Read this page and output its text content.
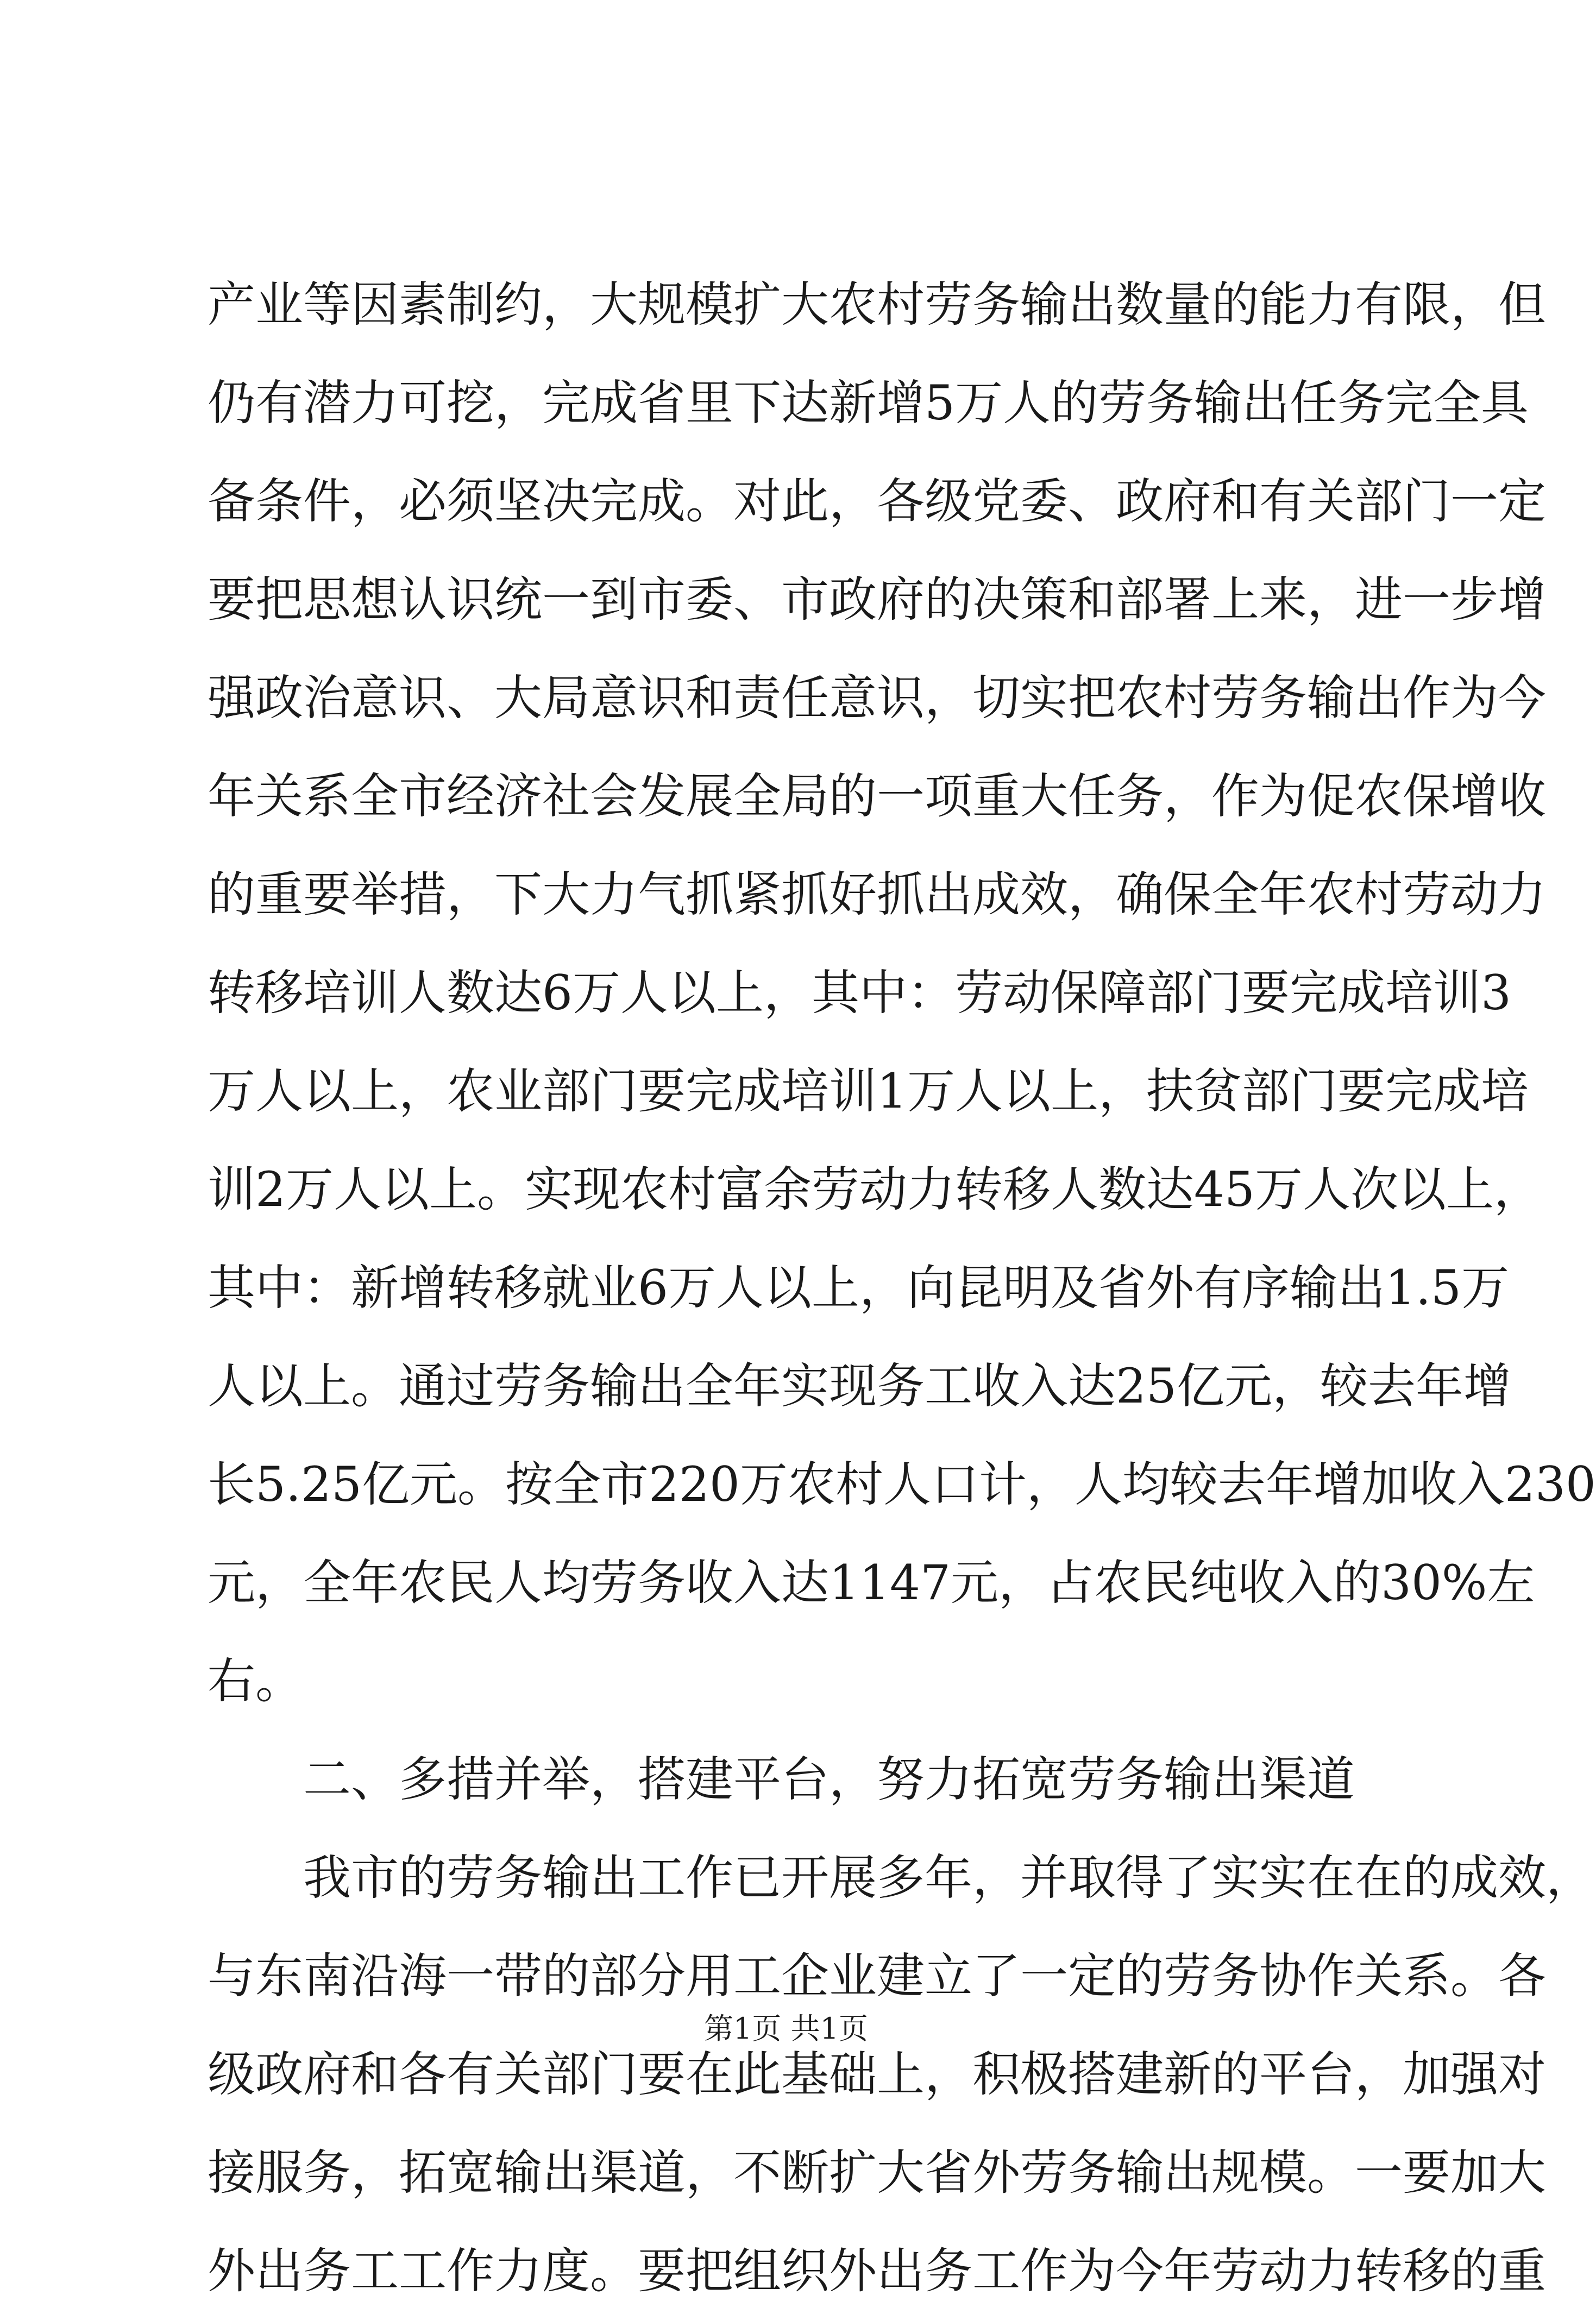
产业等因素制约，大规模扩大农村劳务输出数量的能力有限，但
仍有潜力可挖，完成省里下达新增5万人的劳务输出任务完全具
备条件，必须坚决完成。对此，各级党委、政府和有关部门一定
要把思想认识统一到市委、市政府的决策和部署上来，进一步增
强政治意识、大局意识和责任意识，切实把农村劳务输出作为今
年关系全市经济社会发展全局的一项重大任务，作为促农保增收
的重要举措，下大力气抓紧抓好抓出成效，确保全年农村劳动力
转移培训人数达6万人以上，其中：劳动保障部门要完成培训3
万人以上，农业部门要完成培训1万人以上，扶贫部门要完成培
训2万人以上。实现农村富余劳动力转移人数达45万人次以上，
其中：新增转移就业6万人以上，向昆明及省外有序输出1.5万
人以上。通过劳务输出全年实现务工收入达25亿元，较去年增
长5.25亿元。按全市220万农村人口计，人均较去年增加收入230
元，全年农民人均劳务收入达1147元，占农民纯收入的30%左
右。
二、多措并举，搭建平台，努力拓宽劳务输出渠道
我市的劳务输出工作已开展多年，并取得了实实在在的成效，
与东南沿海一带的部分用工企业建立了一定的劳务协作关系。各
级政府和各有关部门要在此基础上，积极搭建新的平台，加强对
接服务，拓宽输出渠道，不断扩大省外劳务输出规模。一要加大
外出务工工作力度。要把组织外出务工作为今年劳动力转移的重
第1页 共1页
